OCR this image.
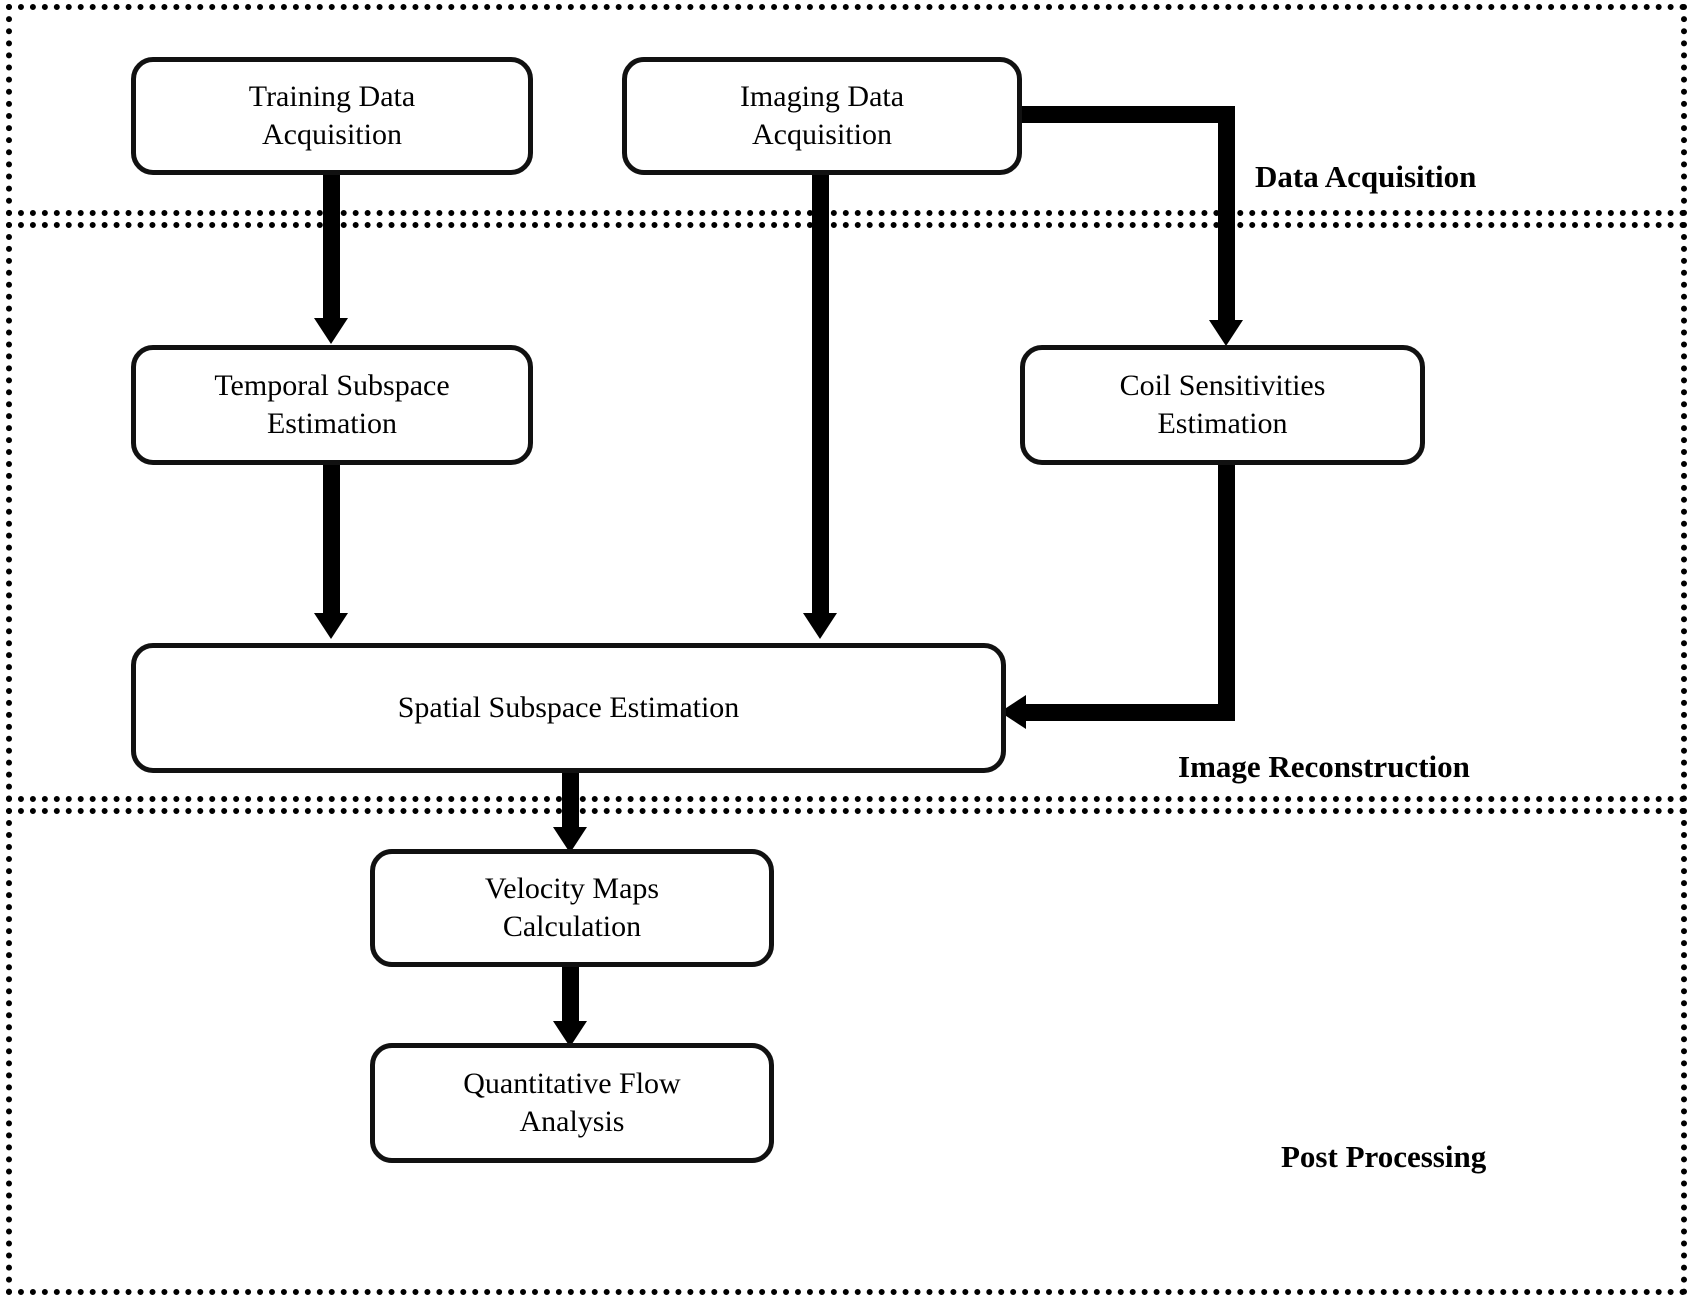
Data Acquisition
Image Reconstruction
Post Processing
Training Data
Acquisition
Imaging Data
Acquisition
Temporal Subspace
Estimation
Coil Sensitivities
Estimation
Spatial Subspace Estimation
Velocity Maps
Calculation
Quantitative Flow
Analysis
